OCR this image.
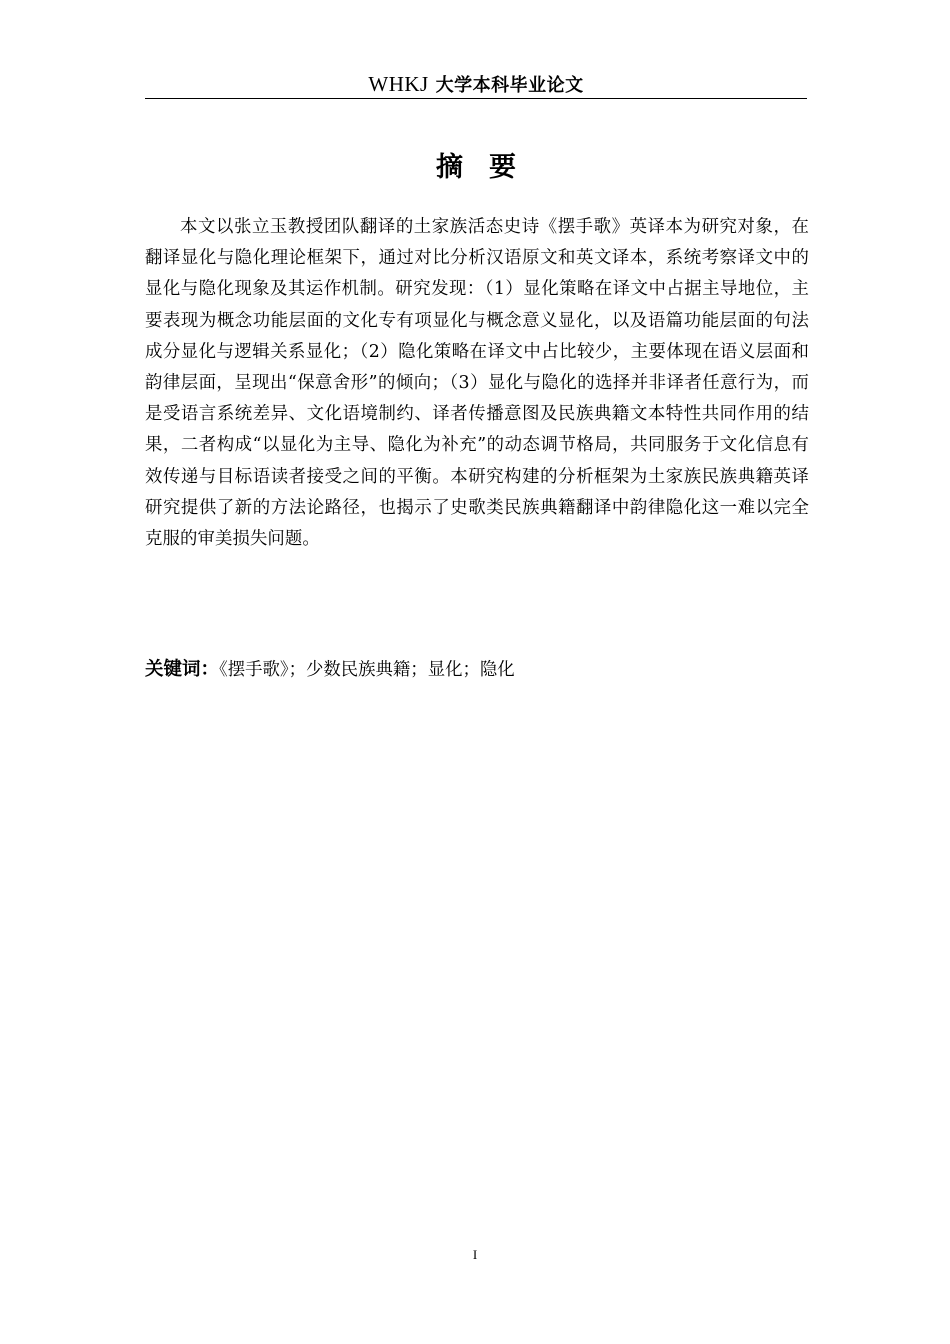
WHKJ 大学本科毕业论文
摘要

本文以张立玉教授团队翻译的土家族活态史诗《摆手歌》英译本为研究对象，在翻译显化与隐化理论框架下，通过对比分析汉语原文和英文译本，系统考察译文中的显化与隐化现象及其运作机制。研究发现：（1）显化策略在译文中占据主导地位，主要表现为概念功能层面的文化专有项显化与概念意义显化，以及语篇功能层面的句法成分显化与逻辑关系显化；（2）隐化策略在译文中占比较少，主要体现在语义层面和韵律层面，呈现出“保意舍形”的倾向；（3）显化与隐化的选择并非译者任意行为，而是受语言系统差异、文化语境制约、译者传播意图及民族典籍文本特性共同作用的结果，二者构成“以显化为主导、隐化为补充”的动态调节格局，共同服务于文化信息有效传递与目标语读者接受之间的平衡。本研究构建的分析框架为土家族民族典籍英译研究提供了新的方法论路径，也揭示了史歌类民族典籍翻译中韵律隐化这一难以完全克服的审美损失问题。

关键词：《摆手歌》；少数民族典籍；显化；隐化
I
